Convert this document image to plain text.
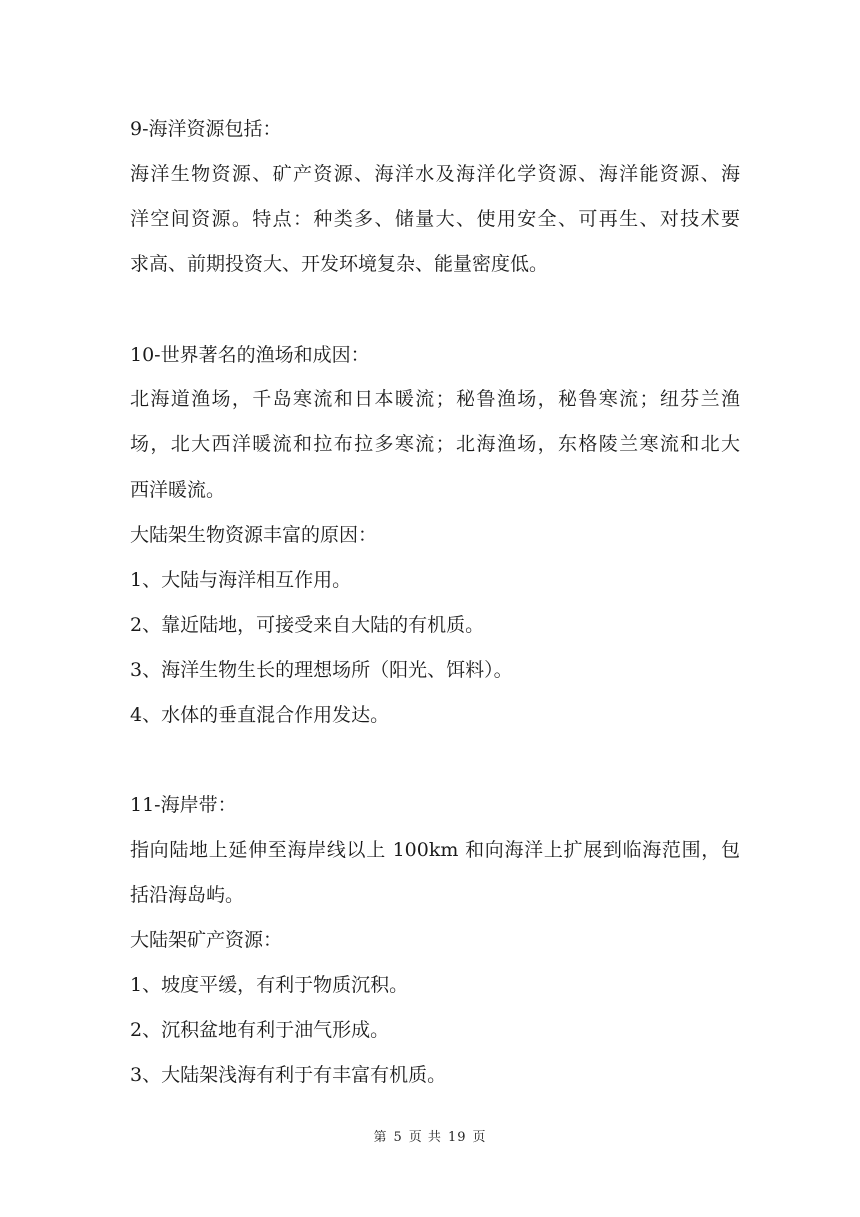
9-海洋资源包括：
海洋生物资源、矿产资源、海洋水及海洋化学资源、海洋能资源、海
洋空间资源。特点：种类多、储量大、使用安全、可再生、对技术要
求高、前期投资大、开发环境复杂、能量密度低。
10-世界著名的渔场和成因：
北海道渔场，千岛寒流和日本暖流；秘鲁渔场，秘鲁寒流；纽芬兰渔
场，北大西洋暖流和拉布拉多寒流；北海渔场，东格陵兰寒流和北大
西洋暖流。
大陆架生物资源丰富的原因：
1、大陆与海洋相互作用。
2、靠近陆地，可接受来自大陆的有机质。
3、海洋生物生长的理想场所（阳光、饵料）。
4、水体的垂直混合作用发达。
11-海岸带：
指向陆地上延伸至海岸线以上 100km 和向海洋上扩展到临海范围，包
括沿海岛屿。
大陆架矿产资源：
1、坡度平缓，有利于物质沉积。
2、沉积盆地有利于油气形成。
3、大陆架浅海有利于有丰富有机质。
第 5 页 共 19 页
